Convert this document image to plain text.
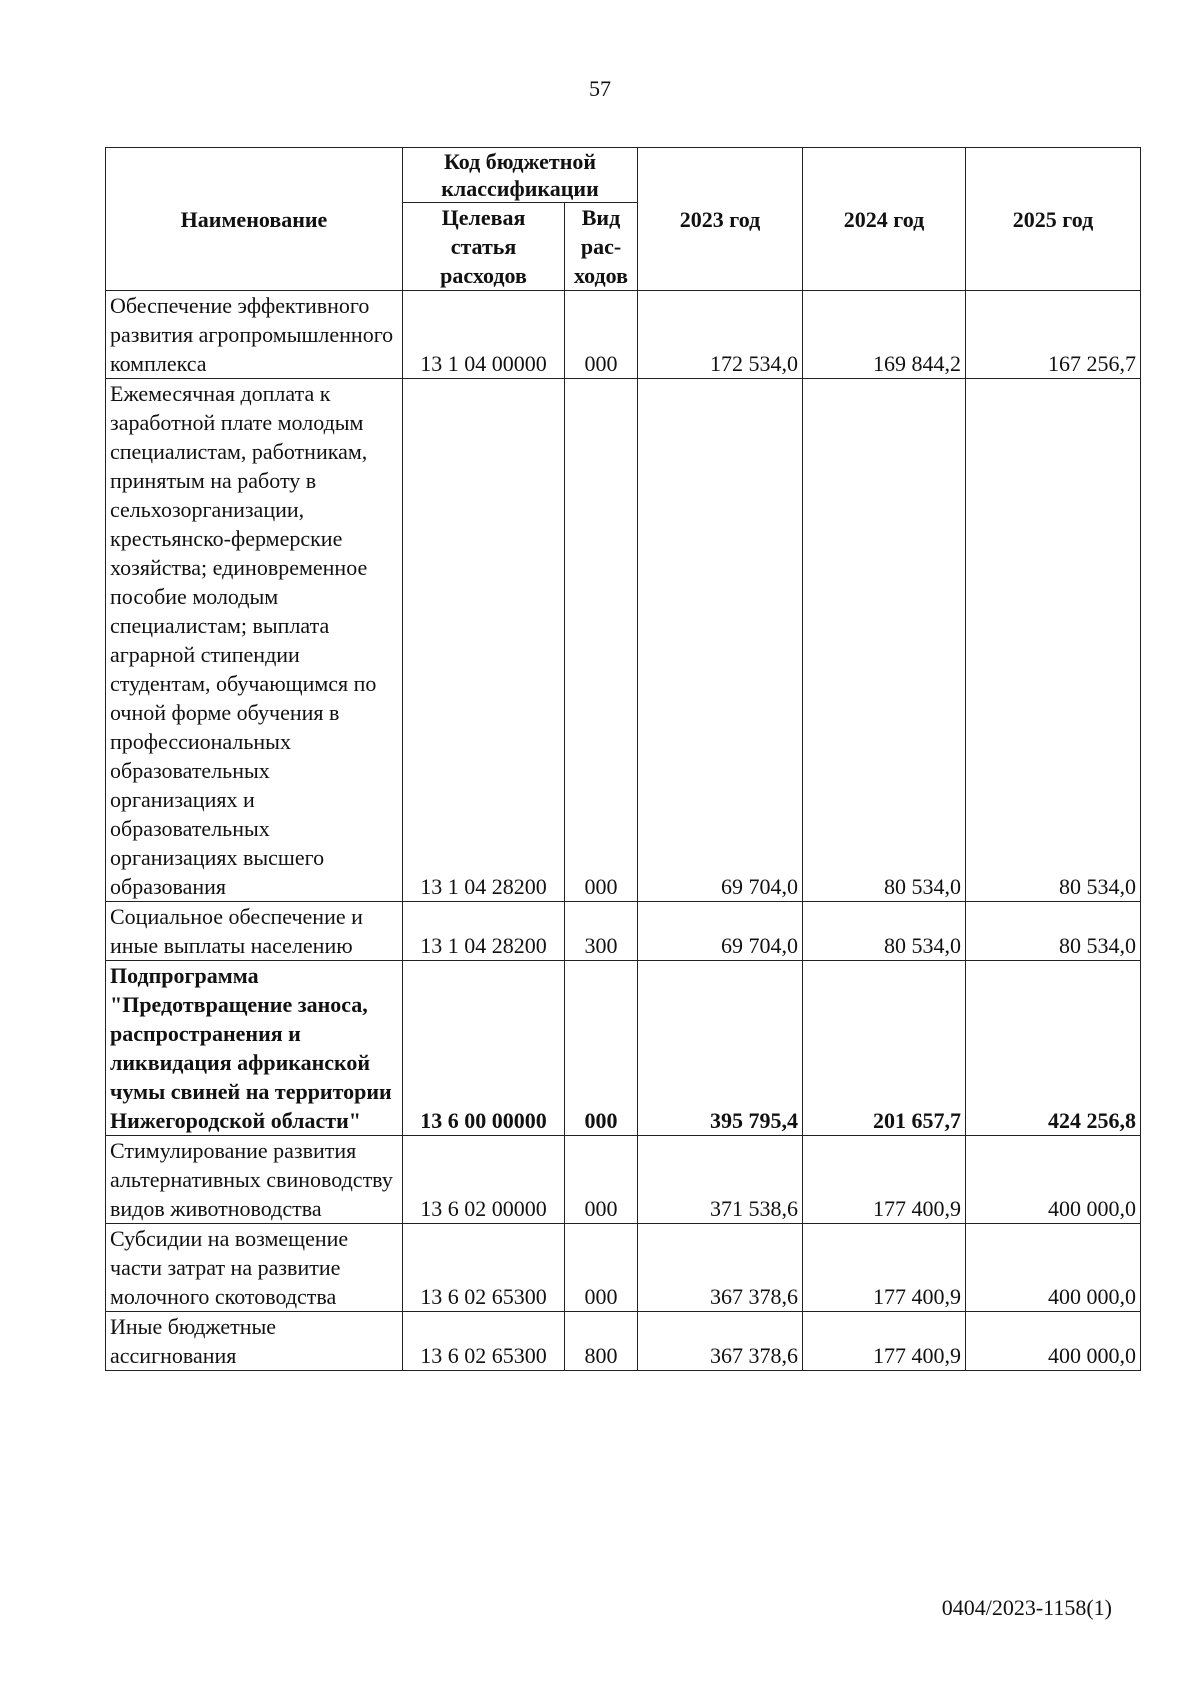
57
Наименование	Код бюджетной классификации		2023 год	2024 год	2025 год
	Целевая статья расходов	Вид рас-ходов			
Обеспечение эффективного развития агропромышленного комплекса	13 1 04 00000	000	172 534,0	169 844,2	167 256,7
Ежемесячная доплата к заработной плате молодым специалистам, работникам, принятым на работу в сельхозорганизации, крестьянско-фермерские хозяйства; единовременное пособие молодым специалистам; выплата аграрной стипендии студентам, обучающимся по очной форме обучения в профессиональных образовательных организациях и образовательных организациях высшего образования	13 1 04 28200	000	69 704,0	80 534,0	80 534,0
Социальное обеспечение и иные выплаты населению	13 1 04 28200	300	69 704,0	80 534,0	80 534,0
Подпрограмма "Предотвращение заноса, распространения и ликвидация африканской чумы свиней на территории Нижегородской области"	13 6 00 00000	000	395 795,4	201 657,7	424 256,8
Стимулирование развития альтернативных свиноводству видов животноводства	13 6 02 00000	000	371 538,6	177 400,9	400 000,0
Субсидии на возмещение части затрат на развитие молочного скотоводства	13 6 02 65300	000	367 378,6	177 400,9	400 000,0
Иные бюджетные ассигнования	13 6 02 65300	800	367 378,6	177 400,9	400 000,0
0404/2023-1158(1)
